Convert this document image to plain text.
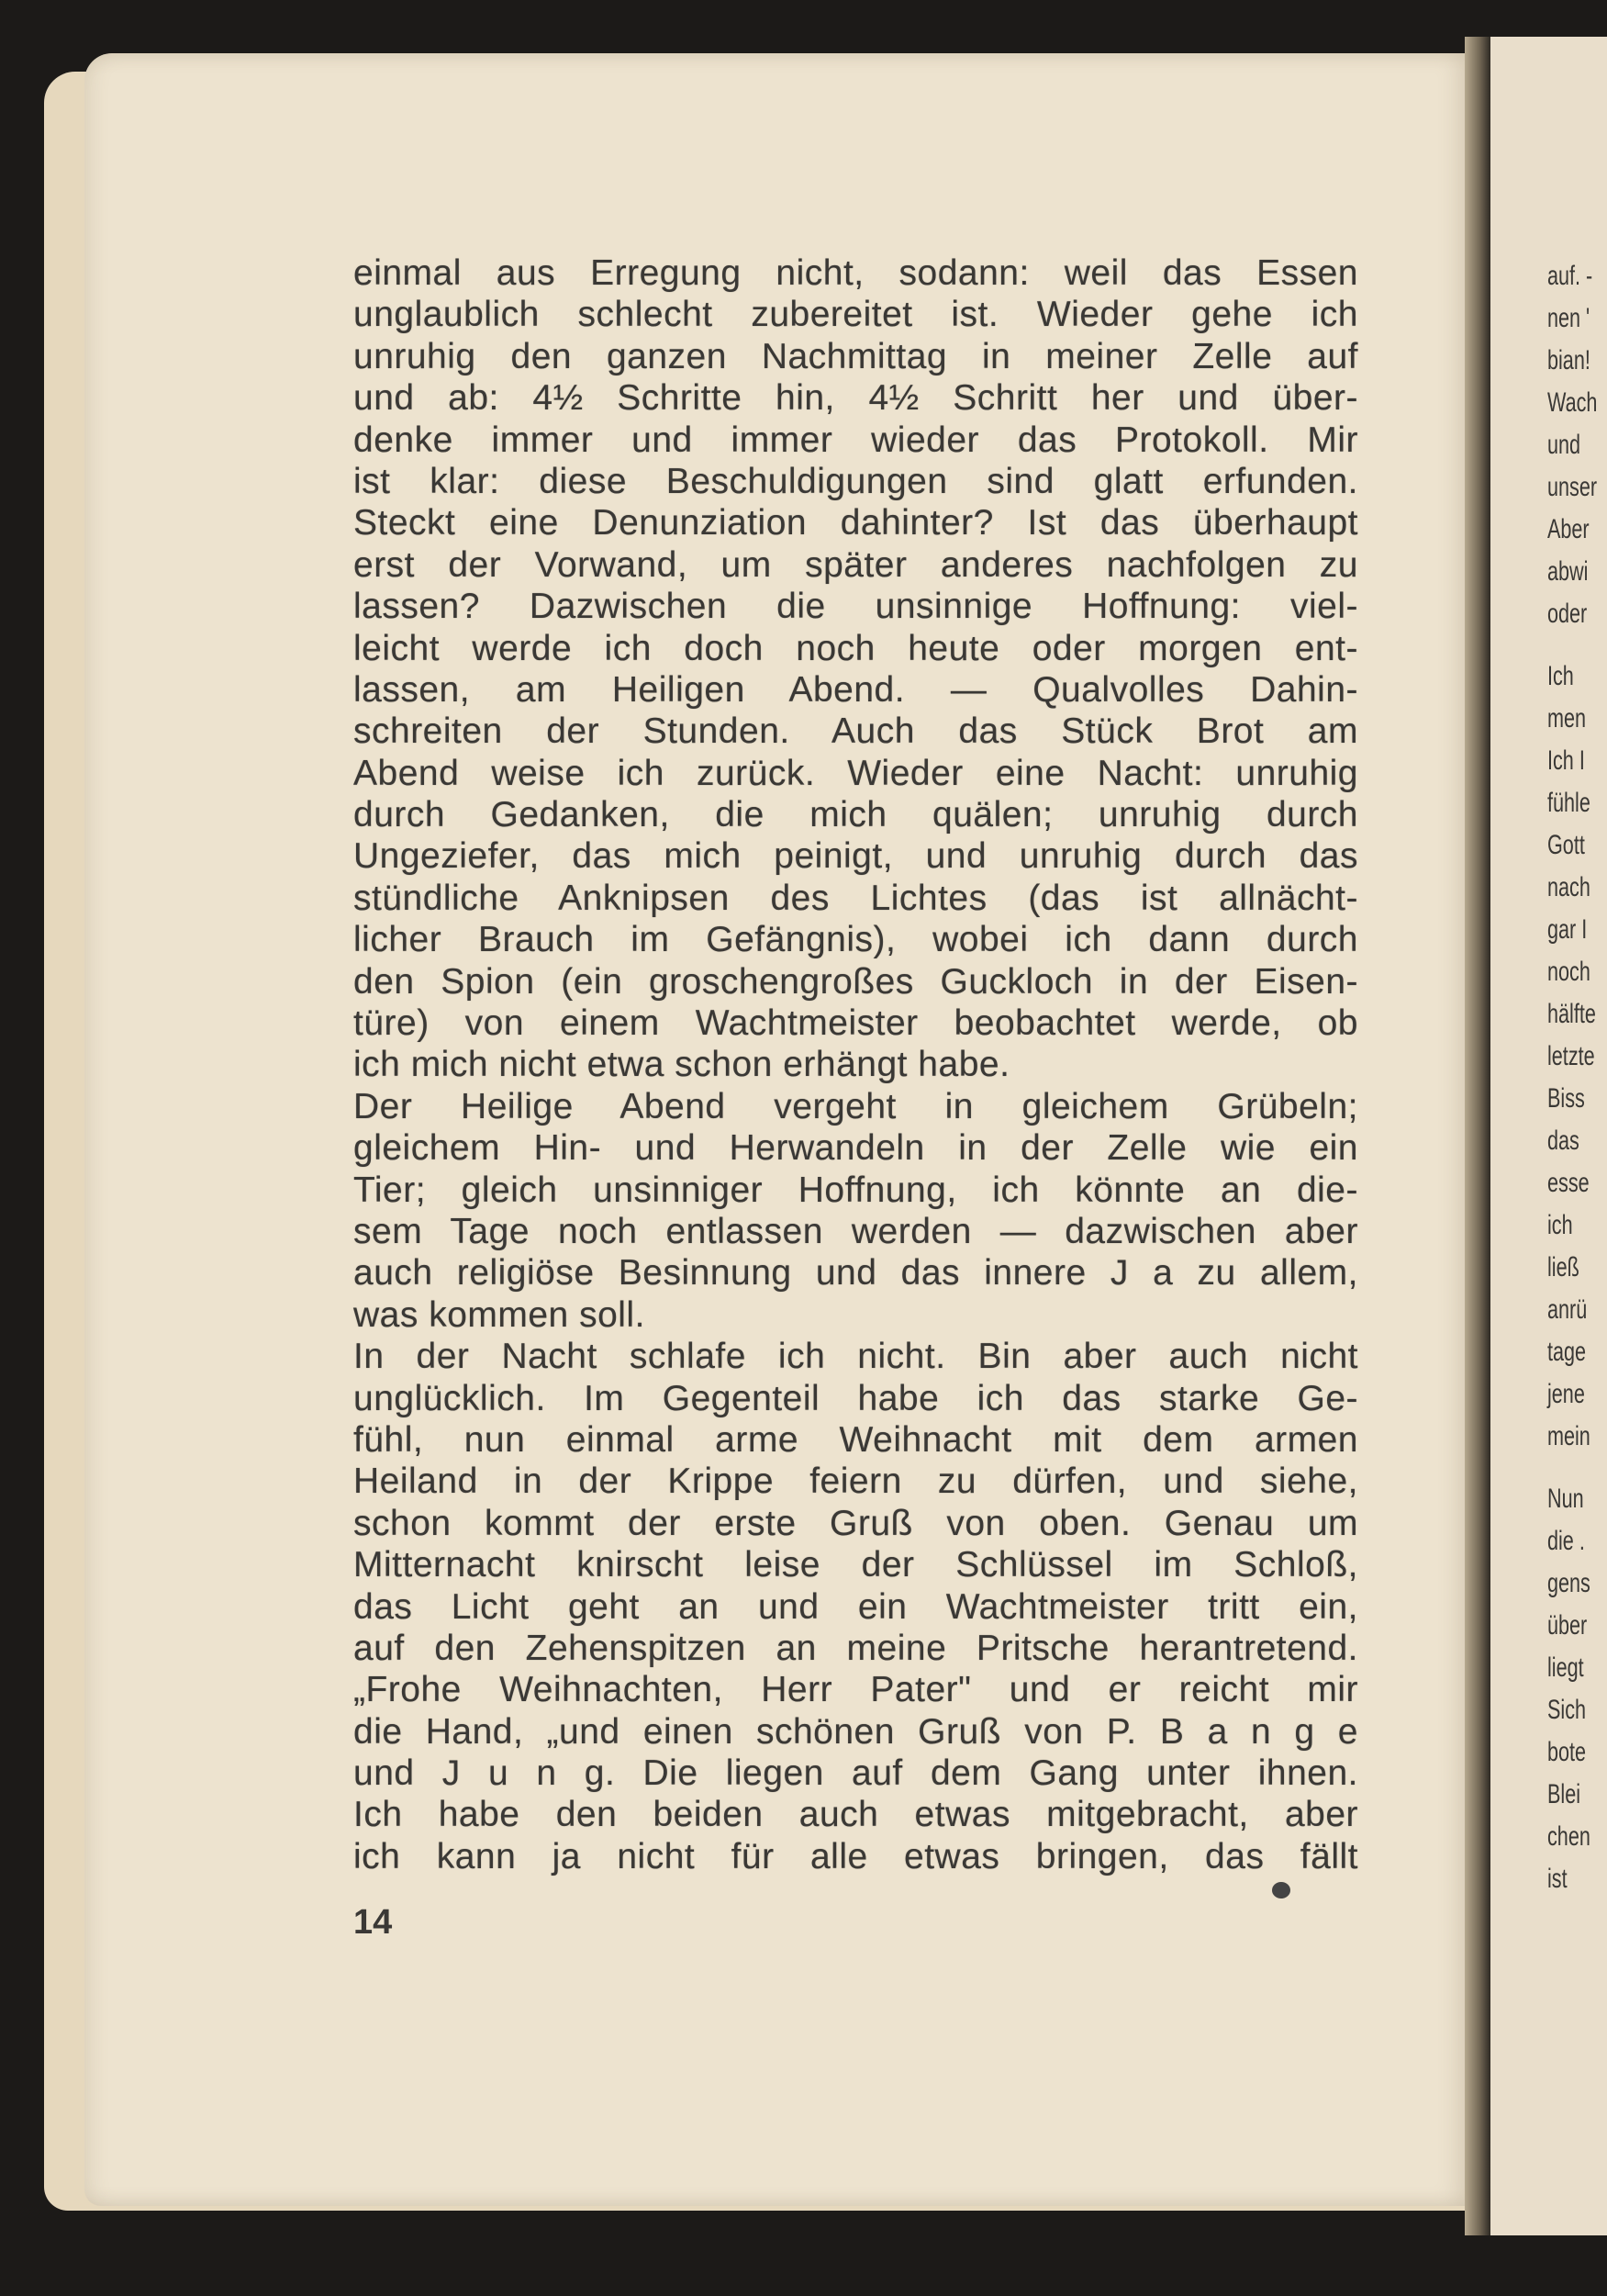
einmal aus Erregung nicht, sodann: weil das Essen
unglaublich schlecht zubereitet ist. Wieder gehe ich
unruhig den ganzen Nachmittag in meiner Zelle auf
und ab: 4½ Schritte hin, 4½ Schritt her und über-
denke immer und immer wieder das Protokoll. Mir
ist klar: diese Beschuldigungen sind glatt erfunden.
Steckt eine Denunziation dahinter? Ist das überhaupt
erst der Vorwand, um später anderes nachfolgen zu
lassen? Dazwischen die unsinnige Hoffnung: viel-
leicht werde ich doch noch heute oder morgen ent-
lassen, am Heiligen Abend. — Qualvolles Dahin-
schreiten der Stunden. Auch das Stück Brot am
Abend weise ich zurück. Wieder eine Nacht: unruhig
durch Gedanken, die mich quälen; unruhig durch
Ungeziefer, das mich peinigt, und unruhig durch das
stündliche Anknipsen des Lichtes (das ist allnächt-
licher Brauch im Gefängnis), wobei ich dann durch
den Spion (ein groschengroßes Guckloch in der Eisen-
türe) von einem Wachtmeister beobachtet werde, ob
ich mich nicht etwa schon erhängt habe.
Der Heilige Abend vergeht in gleichem Grübeln;
gleichem Hin- und Herwandeln in der Zelle wie ein
Tier; gleich unsinniger Hoffnung, ich könnte an die-
sem Tage noch entlassen werden — dazwischen aber
auch religiöse Besinnung und das innere J a zu allem,
was kommen soll.
In der Nacht schlafe ich nicht. Bin aber auch nicht
unglücklich. Im Gegenteil habe ich das starke Ge-
fühl, nun einmal arme Weihnacht mit dem armen
Heiland in der Krippe feiern zu dürfen, und siehe,
schon kommt der erste Gruß von oben. Genau um
Mitternacht knirscht leise der Schlüssel im Schloß,
das Licht geht an und ein Wachtmeister tritt ein,
auf den Zehenspitzen an meine Pritsche herantretend.
„Frohe Weihnachten, Herr Pater" und er reicht mir
die Hand, „und einen schönen Gruß von P. B a n g e
und J u n g. Die liegen auf dem Gang unter ihnen.
Ich habe den beiden auch etwas mitgebracht, aber
ich kann ja nicht für alle etwas bringen, das fällt
14
auf. -
nen '
bian!
Wach
und
unser
Aber
abwi
oder
Ich
men
Ich I
fühle
Gott
nach
gar I
noch
hälfte
letzte
Biss
das
esse
ich
ließ
anrü
tage
jene
mein
Nun
die .
gens
über
liegt
Sich
bote
Blei
chen
ist
